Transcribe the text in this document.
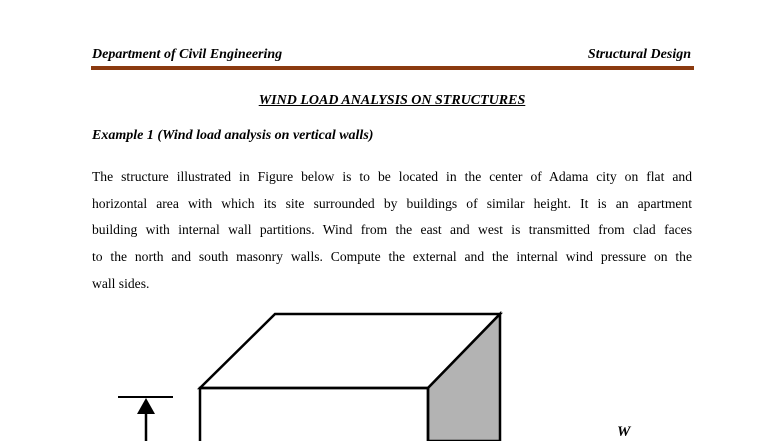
Department of Civil Engineering	Structural Design
WIND LOAD ANALYSIS ON STRUCTURES
Example 1 (Wind load analysis on vertical walls)
The structure illustrated in Figure below is to be located in the center of Adama city on flat and
horizontal area with which its site surrounded by buildings of similar height. It is an apartment
building with internal wall partitions. Wind from the east and west is transmitted from clad faces
to the north and south masonry walls. Compute the external and the internal wind pressure on the
wall sides.
W
